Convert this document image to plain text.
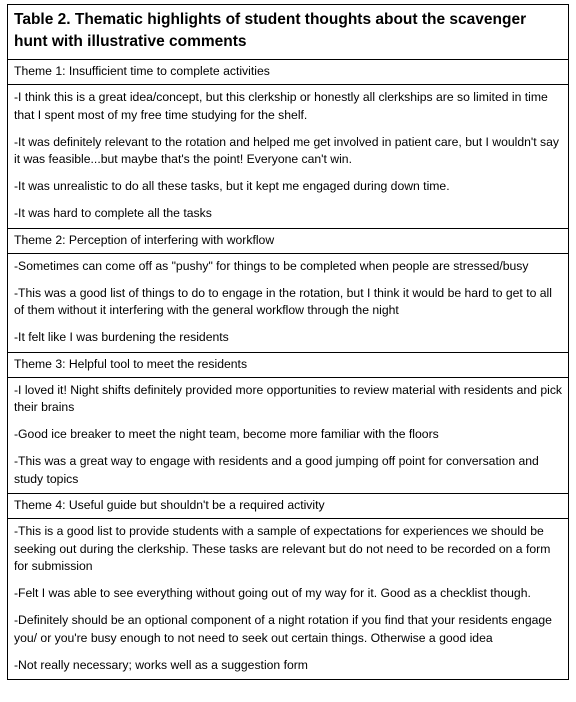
Table 2. Thematic highlights of student thoughts about the scavenger hunt with illustrative comments
Theme 1: Insufficient time to complete activities

-I think this is a great idea/concept, but this clerkship or honestly all clerkships are so limited in time that I spent most of my free time studying for the shelf.

-It was definitely relevant to the rotation and helped me get involved in patient care, but I wouldn't say it was feasible...but maybe that's the point! Everyone can't win.

-It was unrealistic to do all these tasks, but it kept me engaged during down time.

-It was hard to complete all the tasks

Theme 2: Perception of interfering with workflow

-Sometimes can come off as "pushy" for things to be completed when people are stressed/busy

-This was a good list of things to do to engage in the rotation, but I think it would be hard to get to all of them without it interfering with the general workflow through the night

-It felt like I was burdening the residents

Theme 3: Helpful tool to meet the residents

-I loved it! Night shifts definitely provided more opportunities to review material with residents and pick their brains

-Good ice breaker to meet the night team, become more familiar with the floors

-This was a great way to engage with residents and a good jumping off point for conversation and study topics

Theme 4: Useful guide but shouldn't be a required activity

-This is a good list to provide students with a sample of expectations for experiences we should be seeking out during the clerkship. These tasks are relevant but do not need to be recorded on a form for submission

-Felt I was able to see everything without going out of my way for it. Good as a checklist though.

-Definitely should be an optional component of a night rotation if you find that your residents engage you/ or you're busy enough to not need to seek out certain things. Otherwise a good idea

-Not really necessary; works well as a suggestion form
